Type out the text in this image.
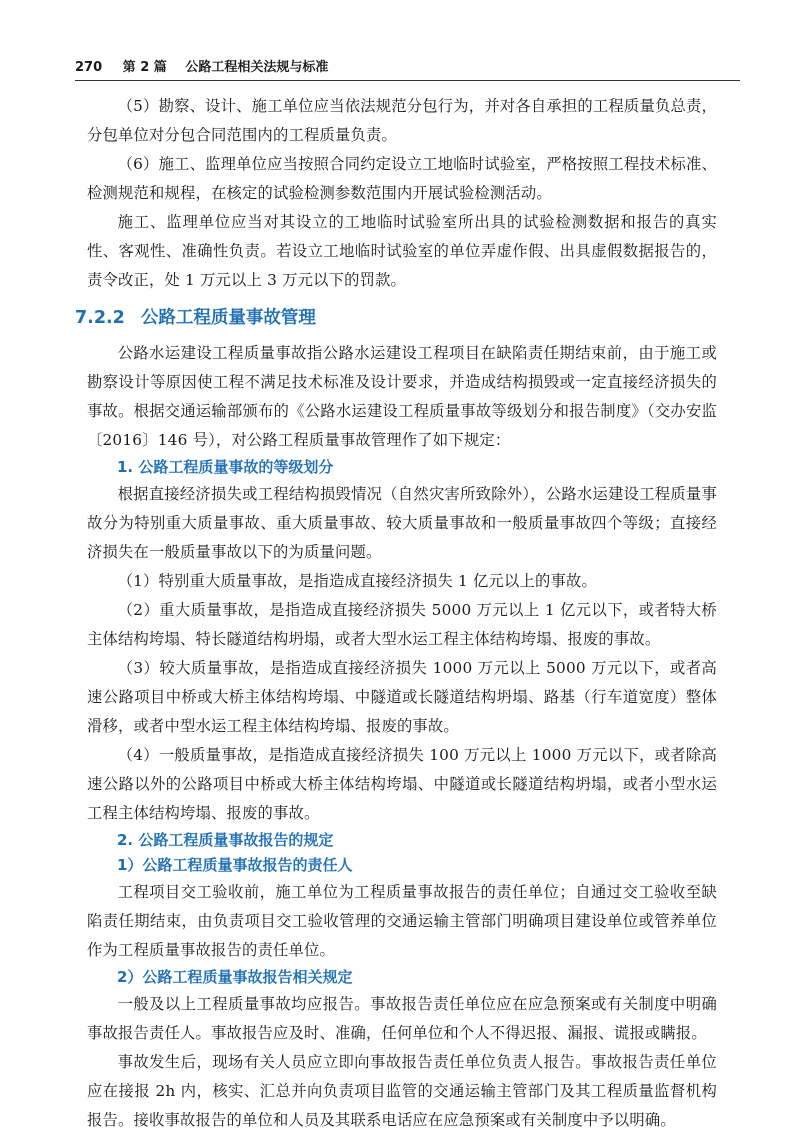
270 第 2 篇 公路工程相关法规与标准

（5）勘察、设计、施工单位应当依法规范分包行为，并对各自承担的工程质量负总责，分包单位对分包合同范围内的工程质量负责。

（6）施工、监理单位应当按照合同约定设立工地临时试验室，严格按照工程技术标准、检测规范和规程，在核定的试验检测参数范围内开展试验检测活动。

施工、监理单位应当对其设立的工地临时试验室所出具的试验检测数据和报告的真实性、客观性、准确性负责。若设立工地临时试验室的单位弄虚作假、出具虚假数据报告的，责令改正，处 1 万元以上 3 万元以下的罚款。

7.2.2 公路工程质量事故管理

公路水运建设工程质量事故指公路水运建设工程项目在缺陷责任期结束前，由于施工或勘察设计等原因使工程不满足技术标准及设计要求，并造成结构损毁或一定直接经济损失的事故。根据交通运输部颁布的《公路水运建设工程质量事故等级划分和报告制度》（交办安监〔2016〕146 号），对公路工程质量事故管理作了如下规定：

1. 公路工程质量事故的等级划分

根据直接经济损失或工程结构损毁情况（自然灾害所致除外），公路水运建设工程质量事故分为特别重大质量事故、重大质量事故、较大质量事故和一般质量事故四个等级；直接经济损失在一般质量事故以下的为质量问题。

（1）特别重大质量事故，是指造成直接经济损失 1 亿元以上的事故。

（2）重大质量事故，是指造成直接经济损失 5000 万元以上 1 亿元以下，或者特大桥主体结构垮塌、特长隧道结构坍塌，或者大型水运工程主体结构垮塌、报废的事故。

（3）较大质量事故，是指造成直接经济损失 1000 万元以上 5000 万元以下，或者高速公路项目中桥或大桥主体结构垮塌、中隧道或长隧道结构坍塌、路基（行车道宽度）整体滑移，或者中型水运工程主体结构垮塌、报废的事故。

（4）一般质量事故，是指造成直接经济损失 100 万元以上 1000 万元以下，或者除高速公路以外的公路项目中桥或大桥主体结构垮塌、中隧道或长隧道结构坍塌，或者小型水运工程主体结构垮塌、报废的事故。

2. 公路工程质量事故报告的规定
1）公路工程质量事故报告的责任人

工程项目交工验收前，施工单位为工程质量事故报告的责任单位；自通过交工验收至缺陷责任期结束，由负责项目交工验收管理的交通运输主管部门明确项目建设单位或管养单位作为工程质量事故报告的责任单位。

2）公路工程质量事故报告相关规定

一般及以上工程质量事故均应报告。事故报告责任单位应在应急预案或有关制度中明确事故报告责任人。事故报告应及时、准确，任何单位和个人不得迟报、漏报、谎报或瞒报。

事故发生后，现场有关人员应立即向事故报告责任单位负责人报告。事故报告责任单位应在接报 2h 内，核实、汇总并向负责项目监管的交通运输主管部门及其工程质量监督机构报告。接收事故报告的单位和人员及其联系电话应在应急预案或有关制度中予以明确。
